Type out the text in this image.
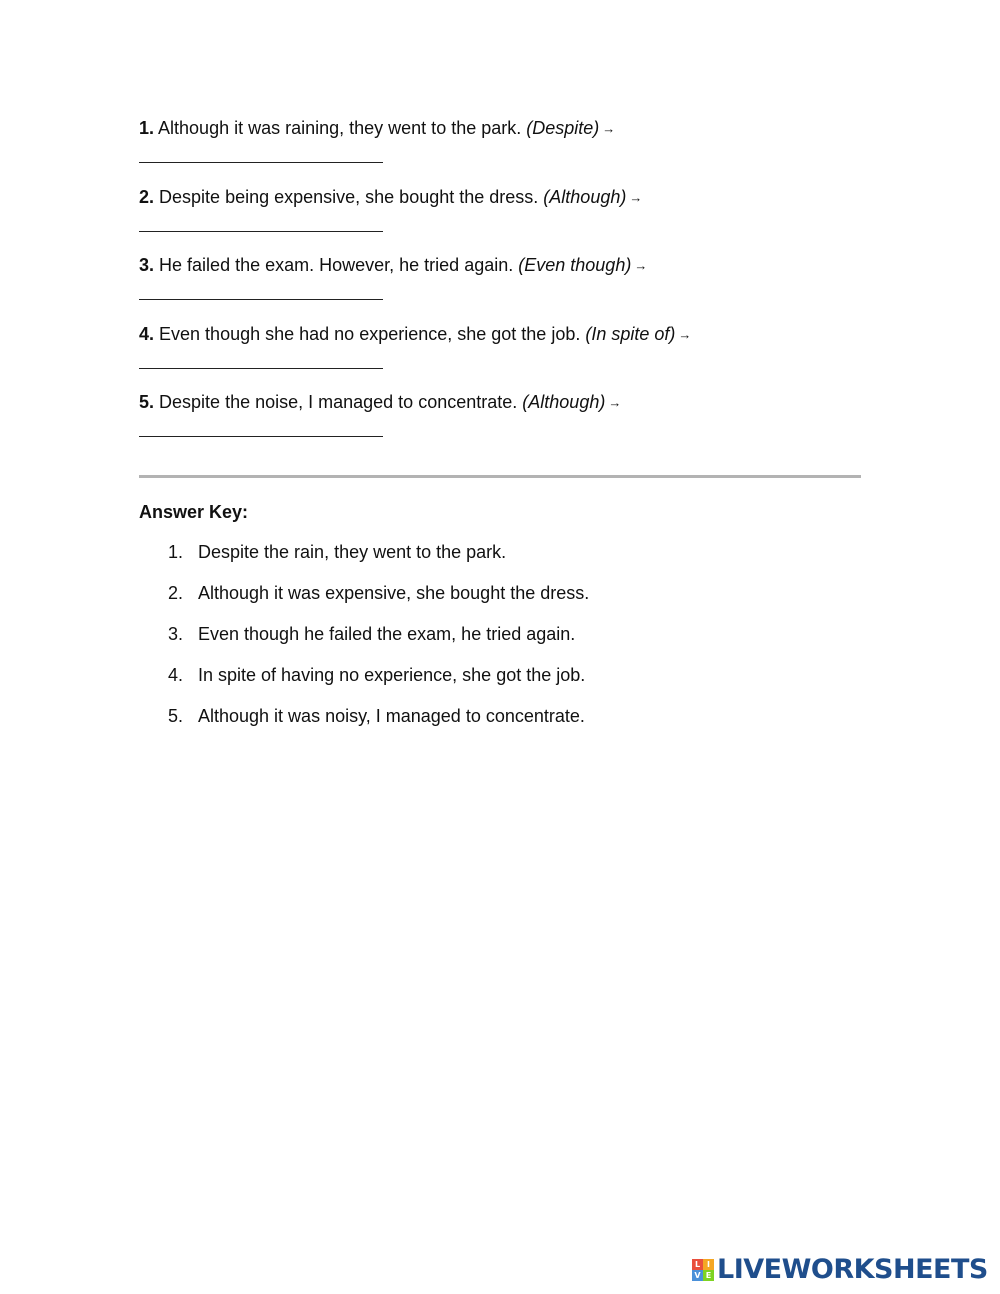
1. Although it was raining, they went to the park. (Despite) →
2. Despite being expensive, she bought the dress. (Although) →
3. He failed the exam. However, he tried again. (Even though) →
4. Even though she had no experience, she got the job. (In spite of) →
5. Despite the noise, I managed to concentrate. (Although) →
Answer Key:
1. Despite the rain, they went to the park.
2. Although it was expensive, she bought the dress.
3. Even though he failed the exam, he tried again.
4. In spite of having no experience, she got the job.
5. Although it was noisy, I managed to concentrate.
L I
V E LIVEWORKSHEETS
